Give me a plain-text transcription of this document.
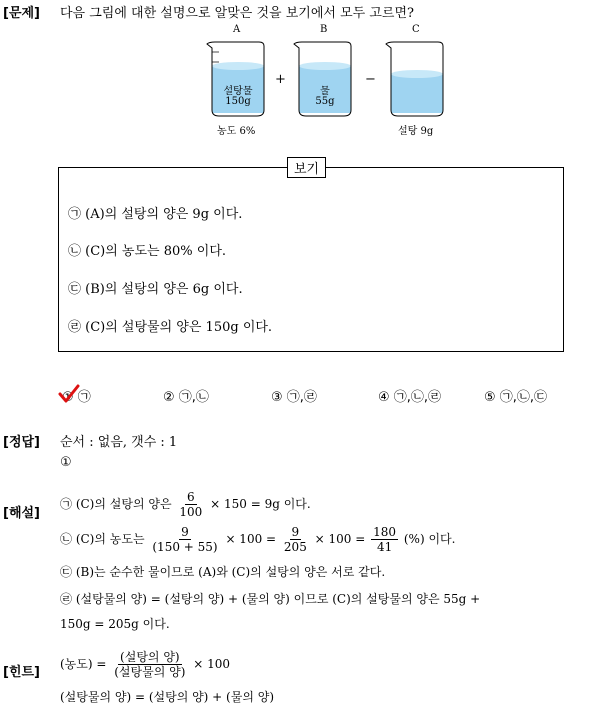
[문제] 다음 그림에 대한 설명으로 알맞은 것을 보기에서 모두 고르면?
A	B	C
설탕물
150g
물
55g
+	−
농도 6%	설탕 9g
보기
㉠ (A)의 설탕의 양은 9g 이다.
㉡ (C)의 농도는 80% 이다.
㉢ (B)의 설탕의 양은 6g 이다.
㉣ (C)의 설탕물의 양은 150g 이다.
① ㉠	② ㉠,㉡	③ ㉠,㉣	④ ㉠,㉡,㉣	⑤ ㉠,㉡,㉢
[정답] 순서 : 없음, 갯수 : 1
①
[해설]
㉠ (C)의 설탕의 양은 $\frac{6}{100} \times 150 = 9g$ 이다.
㉡ (C)의 농도는 $\frac{9}{(150 + 55)} \times 100 = \frac{9}{205} \times 100 = \frac{180}{41}$ (%) 이다.
㉢ (B)는 순수한 물이므로 (A)와 (C)의 설탕의 양은 서로 같다.
㉣ (설탕물의 양) = (설탕의 양) + (물의 양) 이므로 (C)의 설탕물의 양은 55g +
150g = 205g 이다.
[힌트]
(농도) = $\frac{\text{(설탕의 양)}}{\text{(설탕물의 양)}} \times 100$
(설탕물의 양) = (설탕의 양) + (물의 양)
